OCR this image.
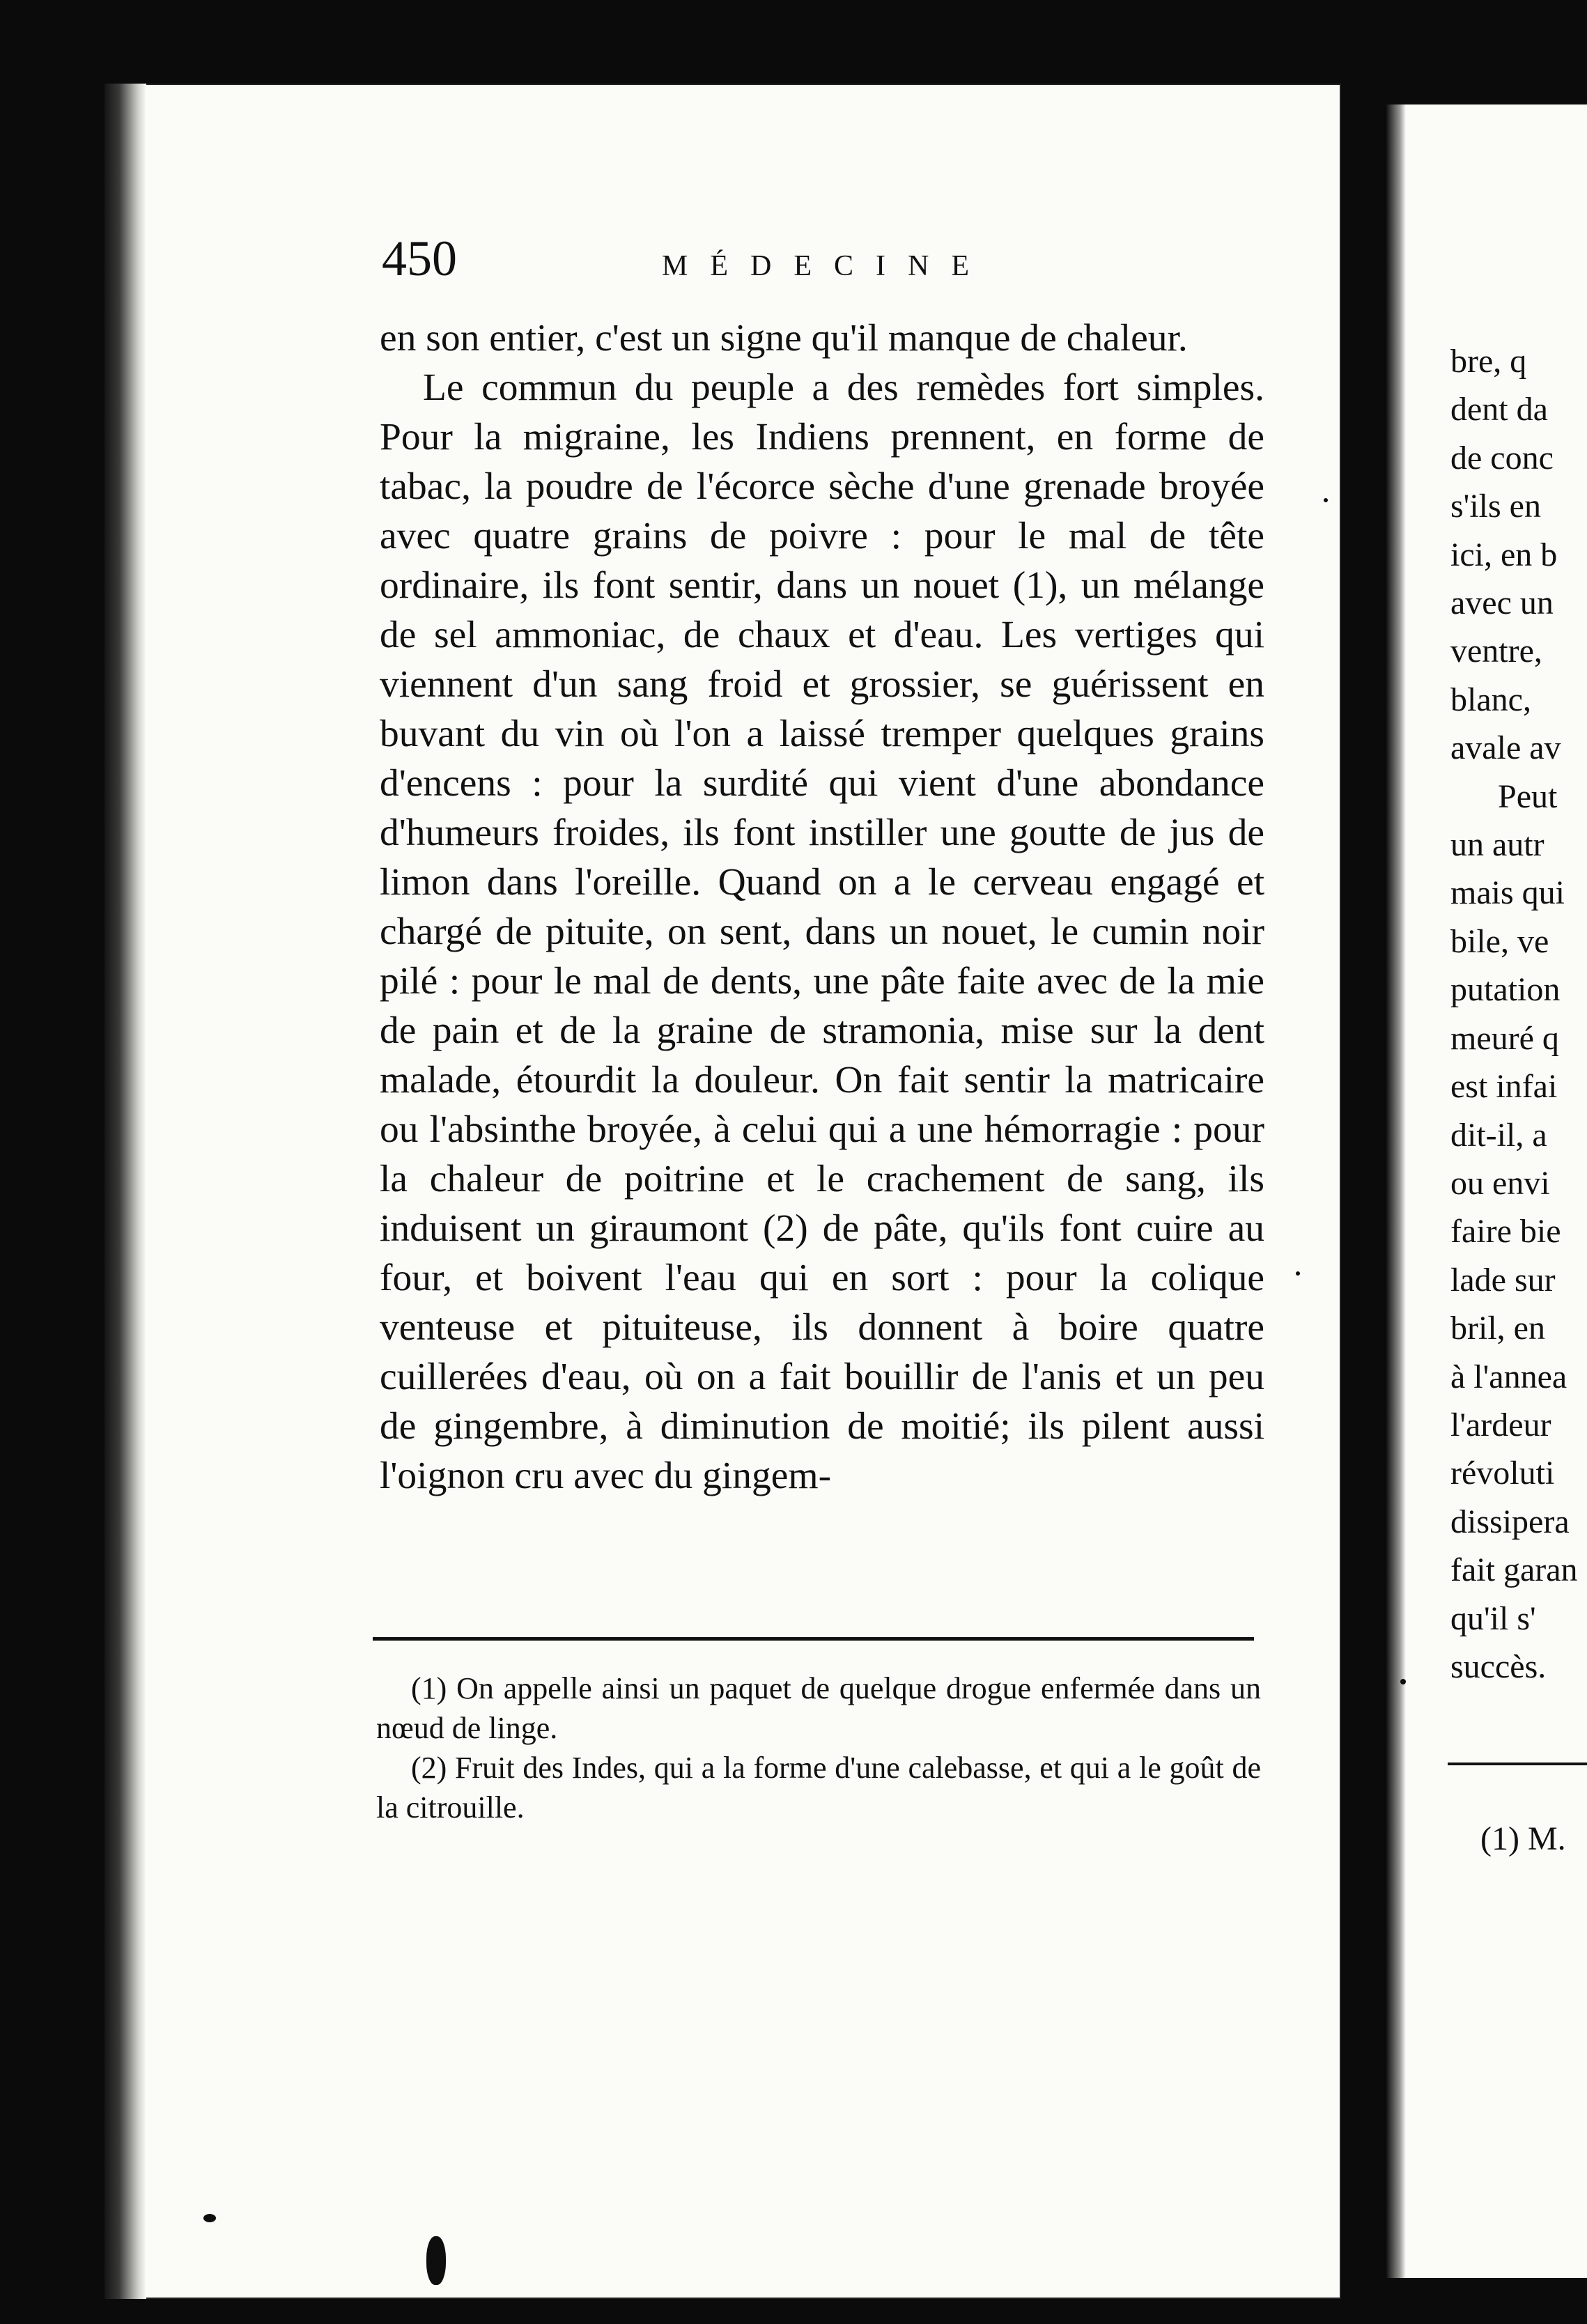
450	MÉDECINE

en son entier, c'est un signe qu'il manque de chaleur.

Le commun du peuple a des remèdes fort simples. Pour la migraine, les Indiens prennent, en forme de tabac, la poudre de l'écorce sèche d'une grenade broyée avec quatre grains de poivre : pour le mal de tête ordinaire, ils font sentir, dans un nouet (1), un mélange de sel ammoniac, de chaux et d'eau. Les vertiges qui viennent d'un sang froid et grossier, se guérissent en buvant du vin où l'on a laissé tremper quelques grains d'encens : pour la surdité qui vient d'une abondance d'humeurs froides, ils font instiller une goutte de jus de limon dans l'oreille. Quand on a le cerveau engagé et chargé de pituite, on sent, dans un nouet, le cumin noir pilé : pour le mal de dents, une pâte faite avec de la mie de pain et de la graine de stramonia, mise sur la dent malade, étourdit la douleur. On fait sentir la matricaire ou l'absinthe broyée, à celui qui a une hémorragie : pour la chaleur de poitrine et le crachement de sang, ils induisent un giraumont (2) de pâte, qu'ils font cuire au four, et boivent l'eau qui en sort : pour la colique venteuse et pituiteuse, ils donnent à boire quatre cuillerées d'eau, où on a fait bouillir de l'anis et un peu de gingembre, à diminution de moitié; ils pilent aussi l'oignon cru avec du gingem-

(1) On appelle ainsi un paquet de quelque drogue enfermée dans un nœud de linge.

(2) Fruit des Indes, qui a la forme d'une calebasse, et qui a le goût de la citrouille.

bre, q
dent da
de conc
s'ils en
ici, en b
avec un
ventre,
blanc,
avale av
Peut
un autr
mais qui
bile, ve
putation
meuré q
est infai
dit-il, a
ou envi
faire bie
lade sur
bril, en
à l'annea
l'ardeur
révoluti
dissipera
fait garan
qu'il s'
succès.
(1) M.
